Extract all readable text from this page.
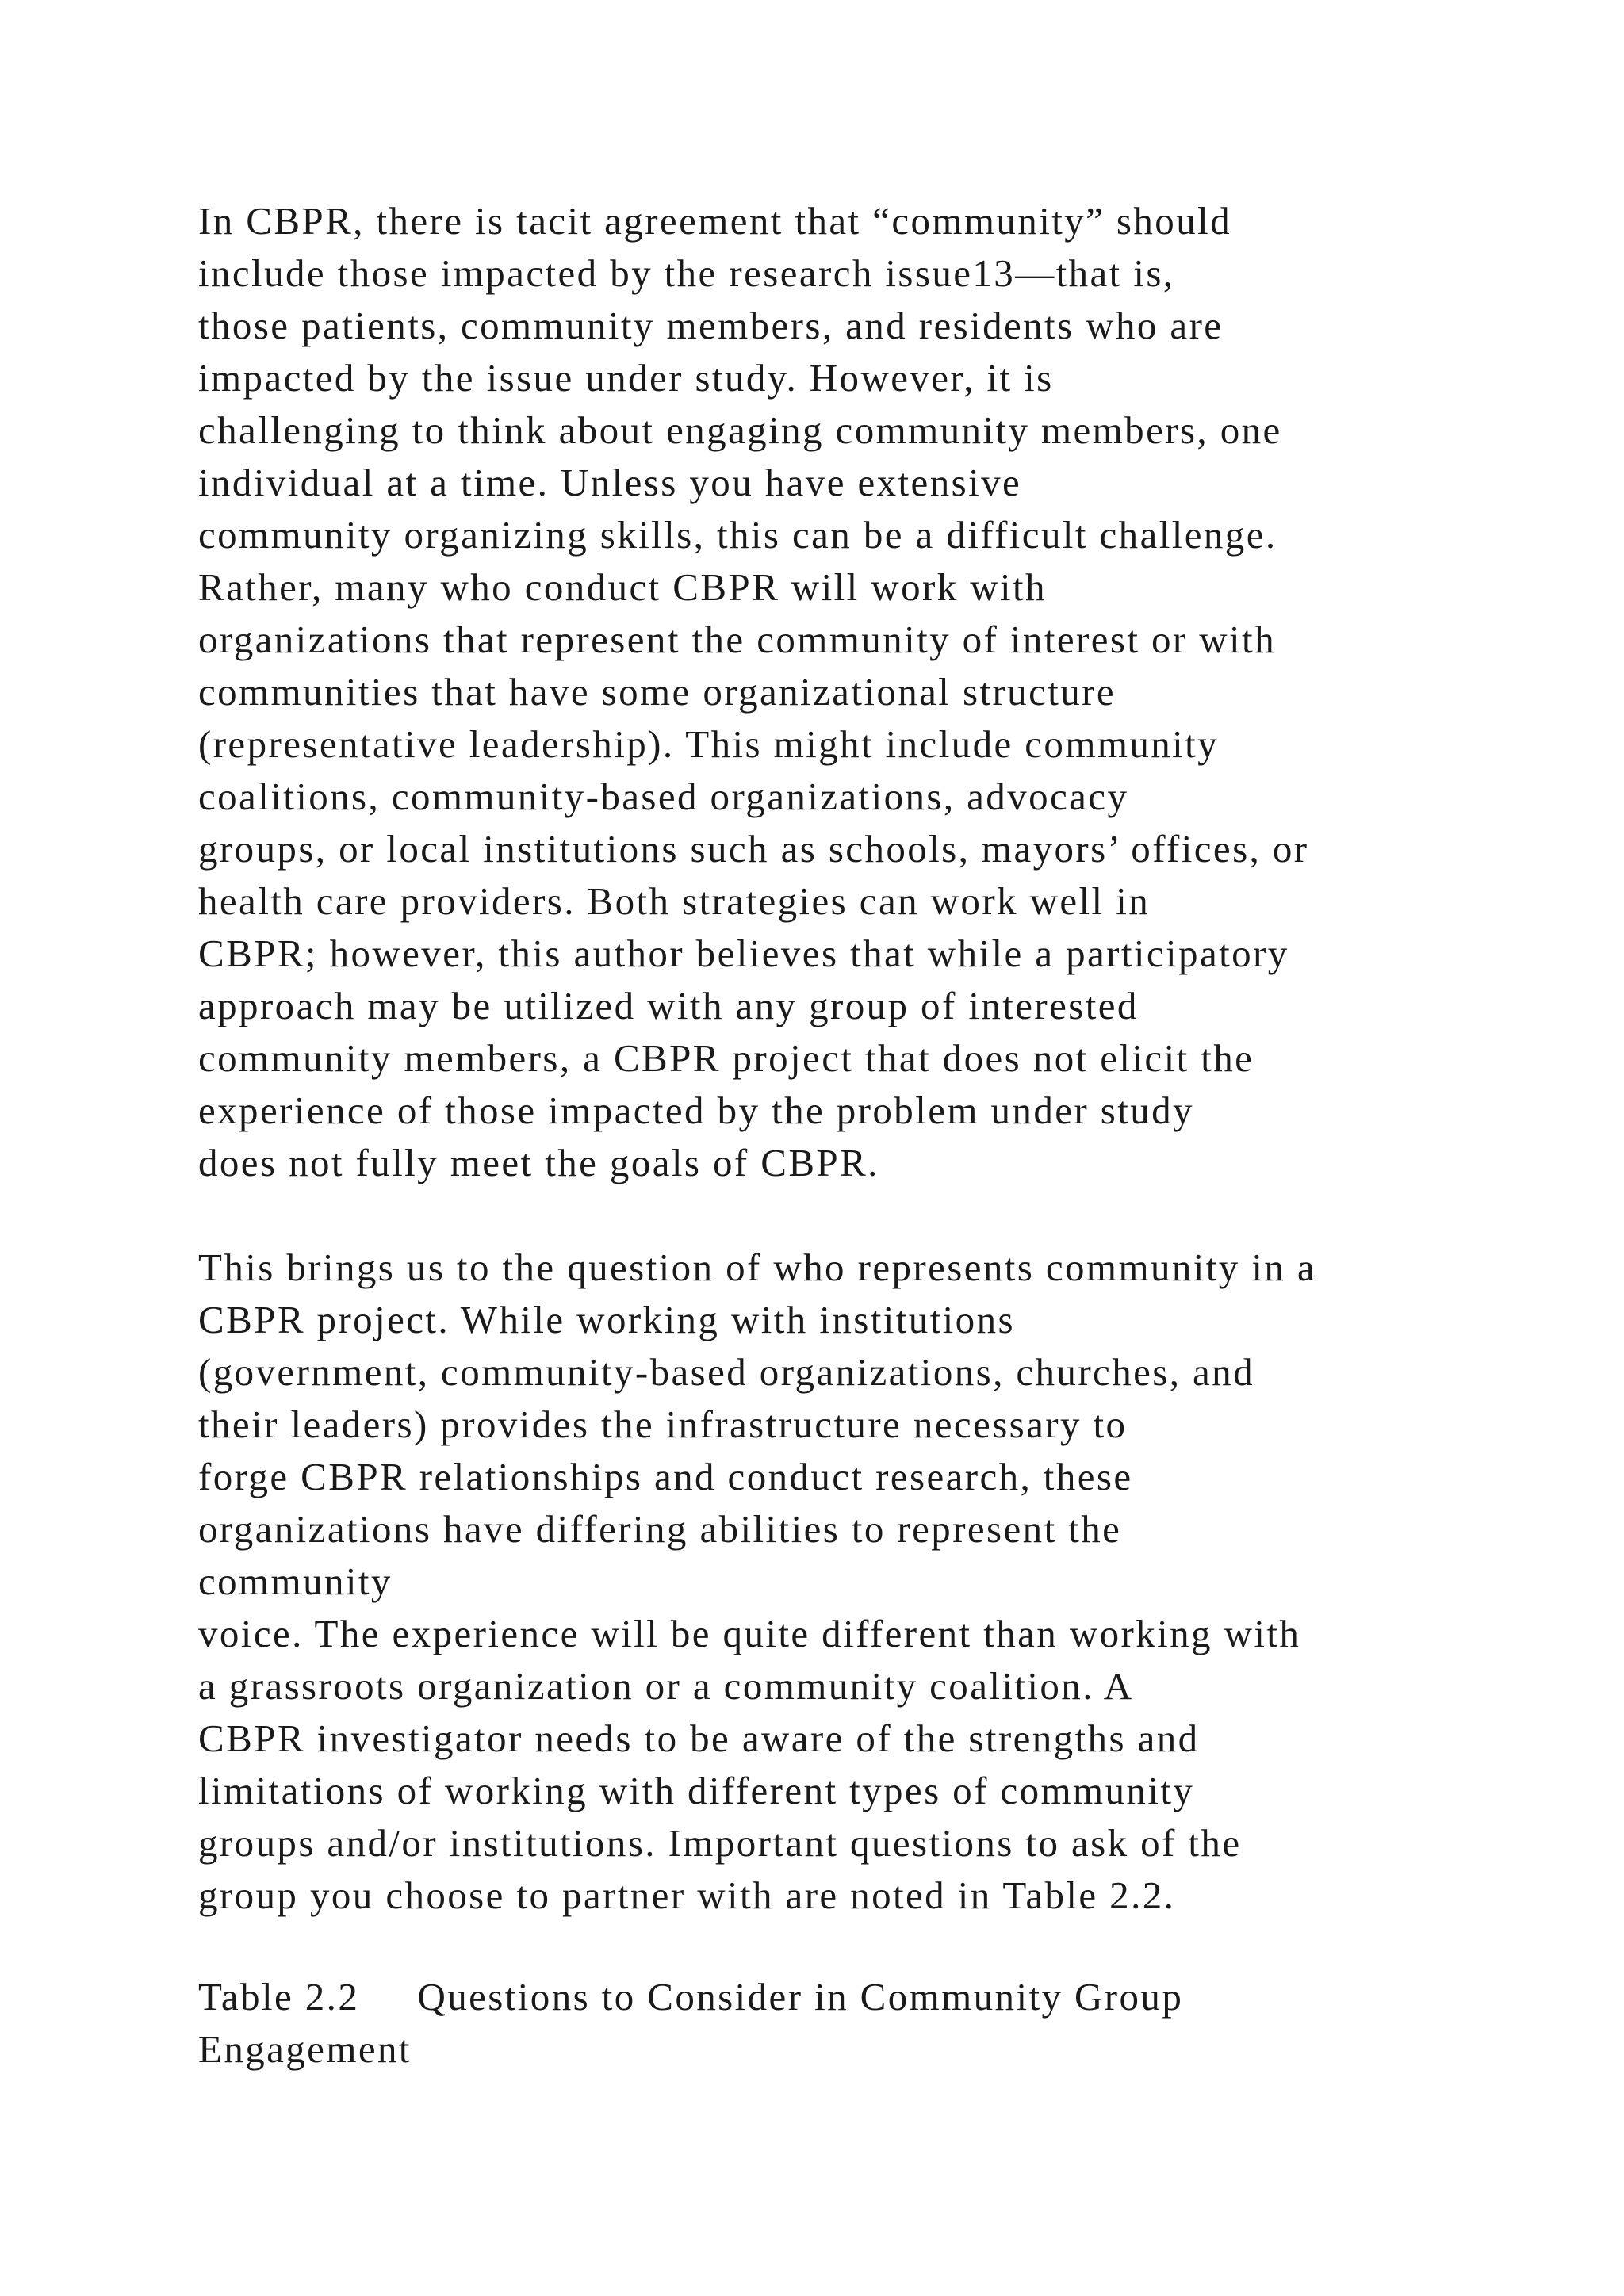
In CBPR, there is tacit agreement that “community” should
include those impacted by the research issue13—that is,
those patients, community members, and residents who are
impacted by the issue under study. However, it is
challenging to think about engaging community members, one
individual at a time. Unless you have extensive
community organizing skills, this can be a difficult challenge.
Rather, many who conduct CBPR will work with
organizations that represent the community of interest or with
communities that have some organizational structure
(representative leadership). This might include community
coalitions, community-based organizations, advocacy
groups, or local institutions such as schools, mayors’ offices, or
health care providers. Both strategies can work well in
CBPR; however, this author believes that while a participatory
approach may be utilized with any group of interested
community members, a CBPR project that does not elicit the
experience of those impacted by the problem under study
does not fully meet the goals of CBPR.
This brings us to the question of who represents community in a
CBPR project. While working with institutions
(government, community-based organizations, churches, and
their leaders) provides the infrastructure necessary to
forge CBPR relationships and conduct research, these
organizations have differing abilities to represent the
community
voice. The experience will be quite different than working with
a grassroots organization or a community coalition. A
CBPR investigator needs to be aware of the strengths and
limitations of working with different types of community
groups and/or institutions. Important questions to ask of the
group you choose to partner with are noted in Table 2.2.
Table 2.2     Questions to Consider in Community Group
Engagement
